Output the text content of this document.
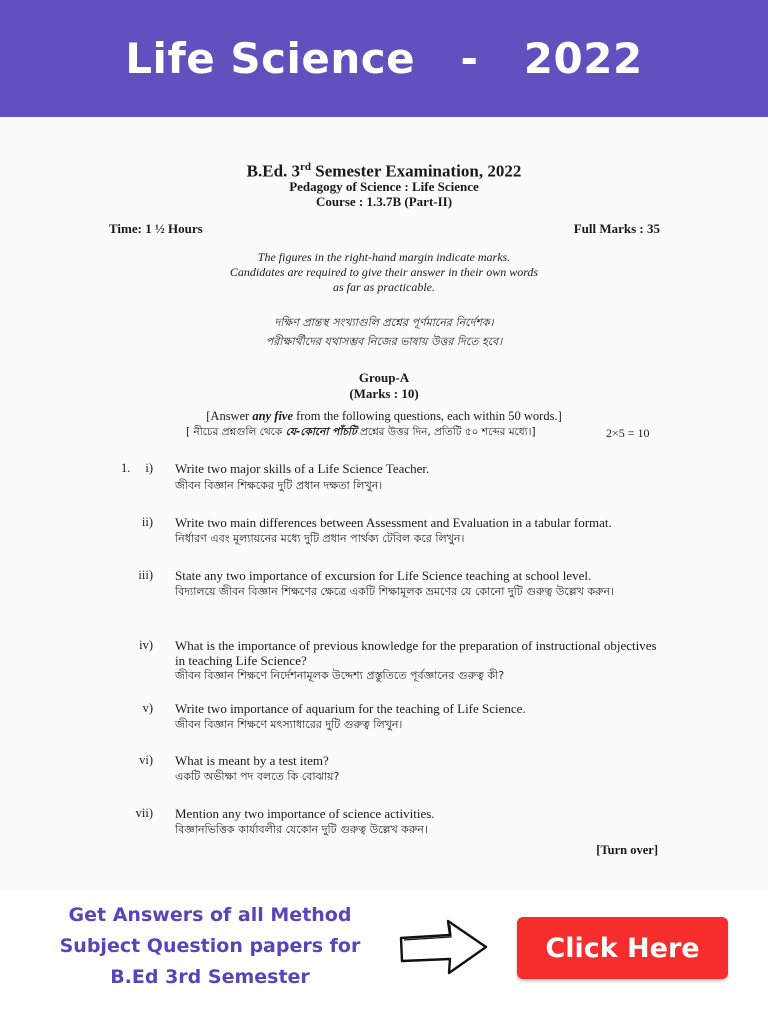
Life Science   -   2022
B.Ed. 3rd Semester Examination, 2022
Pedagogy of Science : Life Science
Course : 1.3.7B (Part-II)
Time: 1 ½ Hours	Full Marks : 35
The figures in the right-hand margin indicate marks.
Candidates are required to give their answer in their own words
as far as practicable.
দক্ষিণ প্রান্তস্থ সংখ্যাগুলি প্রশ্নের পূর্ণমানের নির্দেশক।
পরীক্ষার্থীদের যথাসম্ভব নিজের ভাষায় উত্তর দিতে হবে।
Group-A
(Marks : 10)
[Answer any five from the following questions, each within 50 words.]
[ নীচের প্রশ্নগুলি থেকে যে-কোনো পাঁচটি প্রশ্নের উত্তর দিন, প্রতিটি ৫০ শব্দের মধ্যে।]	2×5 = 10
1.	i) Write two major skills of a Life Science Teacher.
জীবন বিজ্ঞান শিক্ষকের দুটি প্রধান দক্ষতা লিখুন।
ii) Write two main differences between Assessment and Evaluation in a tabular format.
নির্ধারণ এবং মূল্যায়নের মধ্যে দুটি প্রধান পার্থক্য টেবিল করে লিখুন।
iii) State any two importance of excursion for Life Science teaching at school level.
বিদ্যালয়ে জীবন বিজ্ঞান শিক্ষণের ক্ষেত্রে একটি শিক্ষামূলক ভ্রমণের যে কোনো দুটি গুরুত্ব উল্লেখ করুন।
iv) What is the importance of previous knowledge for the preparation of instructional objectives in teaching Life Science?
জীবন বিজ্ঞান শিক্ষণে নির্দেশনামূলক উদ্দেশ্য প্রস্তুতিতে পূর্বজ্ঞানের গুরুত্ব কী?
v) Write two importance of aquarium for the teaching of Life Science.
জীবন বিজ্ঞান শিক্ষণে মৎস্যাধারের দুটি গুরুত্ব লিখুন।
vi) What is meant by a test item?
একটি অভীক্ষা পদ বলতে কি বোঝায়?
vii) Mention any two importance of science activities.
বিজ্ঞানভিত্তিক কার্যাবলীর যেকোন দুটি গুরুত্ব উল্লেখ করুন।
[Turn over]
Get Answers of all Method
Subject Question papers for
B.Ed 3rd Semester
Click Here
